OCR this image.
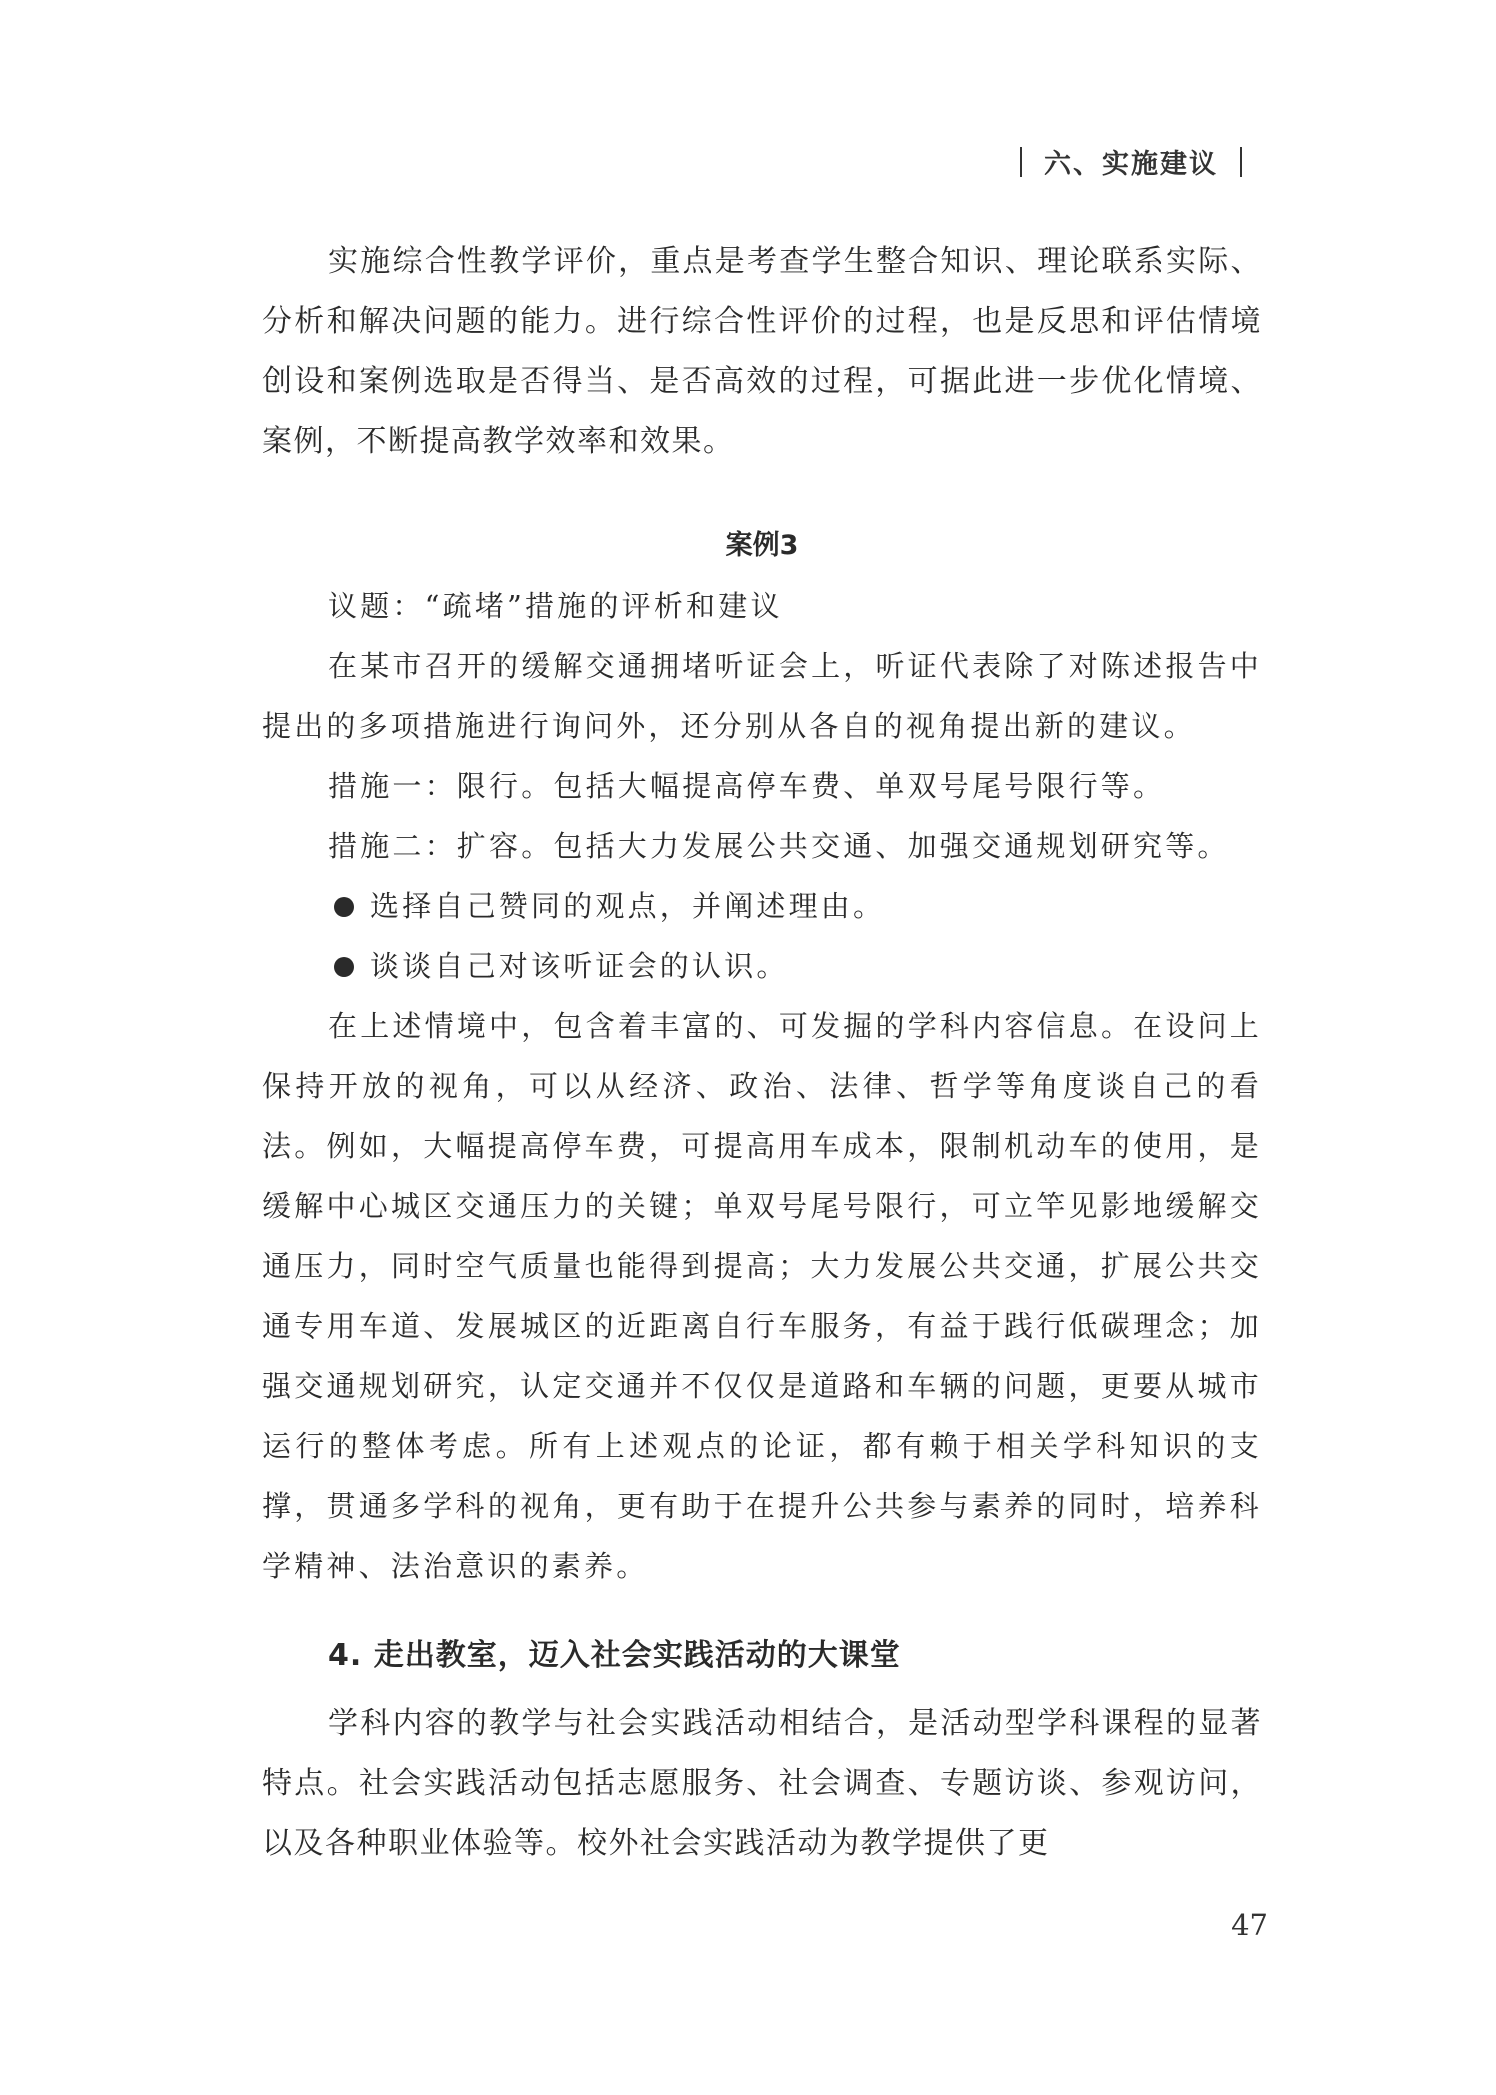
六、实施建议

实施综合性教学评价，重点是考查学生整合知识、理论联系实际、分析和解决问题的能力。进行综合性评价的过程，也是反思和评估情境创设和案例选取是否得当、是否高效的过程，可据此进一步优化情境、案例，不断提高教学效率和效果。

案例3

议题：“疏堵”措施的评析和建议

在某市召开的缓解交通拥堵听证会上，听证代表除了对陈述报告中提出的多项措施进行询问外，还分别从各自的视角提出新的建议。

措施一：限行。包括大幅提高停车费、单双号尾号限行等。

措施二：扩容。包括大力发展公共交通、加强交通规划研究等。

选择自己赞同的观点，并阐述理由。

谈谈自己对该听证会的认识。

在上述情境中，包含着丰富的、可发掘的学科内容信息。在设问上保持开放的视角，可以从经济、政治、法律、哲学等角度谈自己的看法。例如，大幅提高停车费，可提高用车成本，限制机动车的使用，是缓解中心城区交通压力的关键；单双号尾号限行，可立竿见影地缓解交通压力，同时空气质量也能得到提高；大力发展公共交通，扩展公共交通专用车道、发展城区的近距离自行车服务，有益于践行低碳理念；加强交通规划研究，认定交通并不仅仅是道路和车辆的问题，更要从城市运行的整体考虑。所有上述观点的论证，都有赖于相关学科知识的支撑，贯通多学科的视角，更有助于在提升公共参与素养的同时，培养科学精神、法治意识的素养。

4. 走出教室，迈入社会实践活动的大课堂

学科内容的教学与社会实践活动相结合，是活动型学科课程的显著特点。社会实践活动包括志愿服务、社会调查、专题访谈、参观访问，以及各种职业体验等。校外社会实践活动为教学提供了更

47
